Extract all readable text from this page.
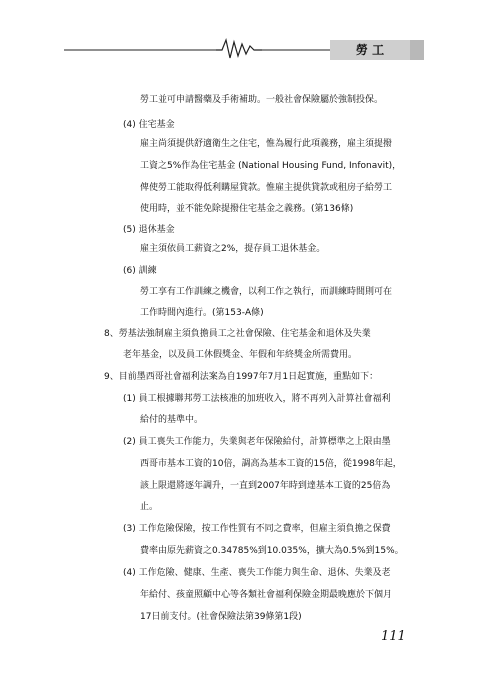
勞 工
勞工並可申請醫藥及手術補助。一般社會保險屬於強制投保。
(4) 住宅基金
雇主尚須提供舒適衛生之住宅，惟為履行此項義務，雇主須提撥
工資之5%作為住宅基金 (National Housing Fund, Infonavit)，
俾使勞工能取得低利購屋貸款。惟雇主提供貸款或租房子給勞工
使用時，並不能免除提撥住宅基金之義務。(第136條)
(5) 退休基金
雇主須依員工薪資之2%，提存員工退休基金。
(6) 訓練
勞工享有工作訓練之機會，以利工作之執行，而訓練時間則可在
工作時間內進行。(第153-A條)
8、勞基法強制雇主須負擔員工之社會保險、住宅基金和退休及失業
老年基金，以及員工休假獎金、年假和年終獎金所需費用。
9、目前墨西哥社會福利法案為自1997年7月1日起實施，重點如下：
(1) 員工根據聯邦勞工法核准的加班收入，將不再列入計算社會福利
給付的基準中。
(2) 員工喪失工作能力，失業與老年保險給付，計算標準之上限由墨
西哥市基本工資的10倍，調高為基本工資的15倍，從1998年起，
該上限還將逐年調升，一直到2007年時到達基本工資的25倍為
止。
(3) 工作危險保險，按工作性質有不同之費率，但雇主須負擔之保費
費率由原先薪資之0.34785%到10.035%，擴大為0.5%到15%。
(4) 工作危險、健康、生產、喪失工作能力與生命、退休、失業及老
年給付、孩童照顧中心等各類社會福利保險金期最晚應於下個月
17日前支付。(社會保險法第39條第1段)
111
